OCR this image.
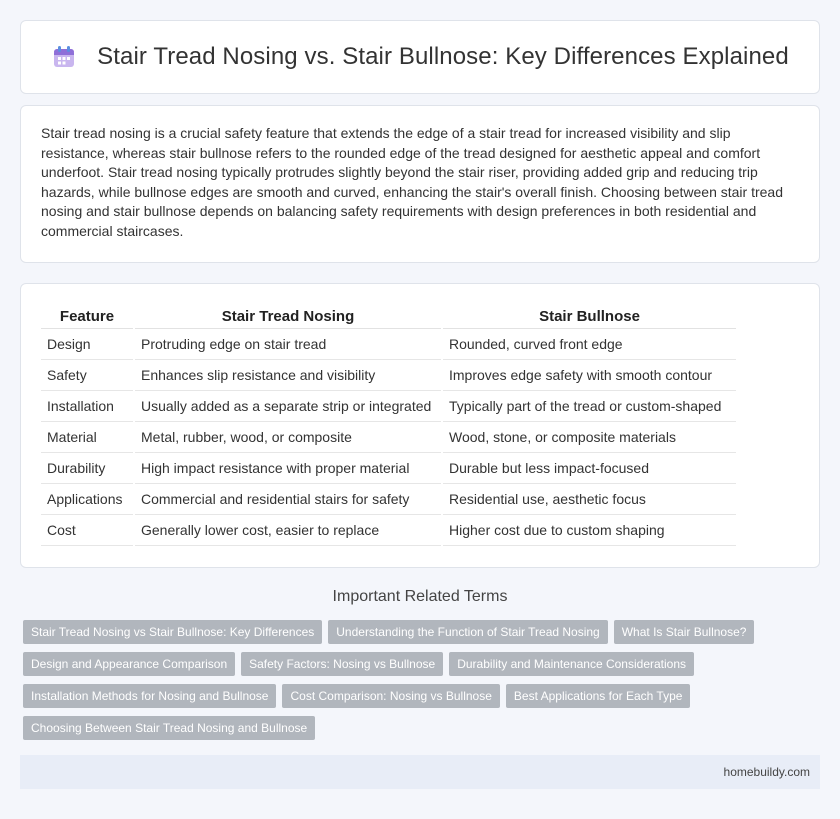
Stair Tread Nosing vs. Stair Bullnose: Key Differences Explained

Stair tread nosing is a crucial safety feature that extends the edge of a stair tread for increased visibility and slip resistance, whereas stair bullnose refers to the rounded edge of the tread designed for aesthetic appeal and comfort underfoot. Stair tread nosing typically protrudes slightly beyond the stair riser, providing added grip and reducing trip hazards, while bullnose edges are smooth and curved, enhancing the stair's overall finish. Choosing between stair tread nosing and stair bullnose depends on balancing safety requirements with design preferences in both residential and commercial staircases.

Feature		Stair Tread Nosing		Stair Bullnose
Design		Protruding edge on stair tread		Rounded, curved front edge
Safety		Enhances slip resistance and visibility		Improves edge safety with smooth contour
Installation		Usually added as a separate strip or integrated		Typically part of the tread or custom-shaped
Material		Metal, rubber, wood, or composite		Wood, stone, or composite materials
Durability		High impact resistance with proper material		Durable but less impact-focused
Applications		Commercial and residential stairs for safety		Residential use, aesthetic focus
Cost		Generally lower cost, easier to replace		Higher cost due to custom shaping
Important Related Terms
Stair Tread Nosing vs Stair Bullnose: Key Differences	Understanding the Function of Stair Tread Nosing	What Is Stair Bullnose?
Design and Appearance Comparison	Safety Factors: Nosing vs Bullnose	Durability and Maintenance Considerations
Installation Methods for Nosing and Bullnose	Cost Comparison: Nosing vs Bullnose	Best Applications for Each Type
Choosing Between Stair Tread Nosing and Bullnose
homebuildy.com
